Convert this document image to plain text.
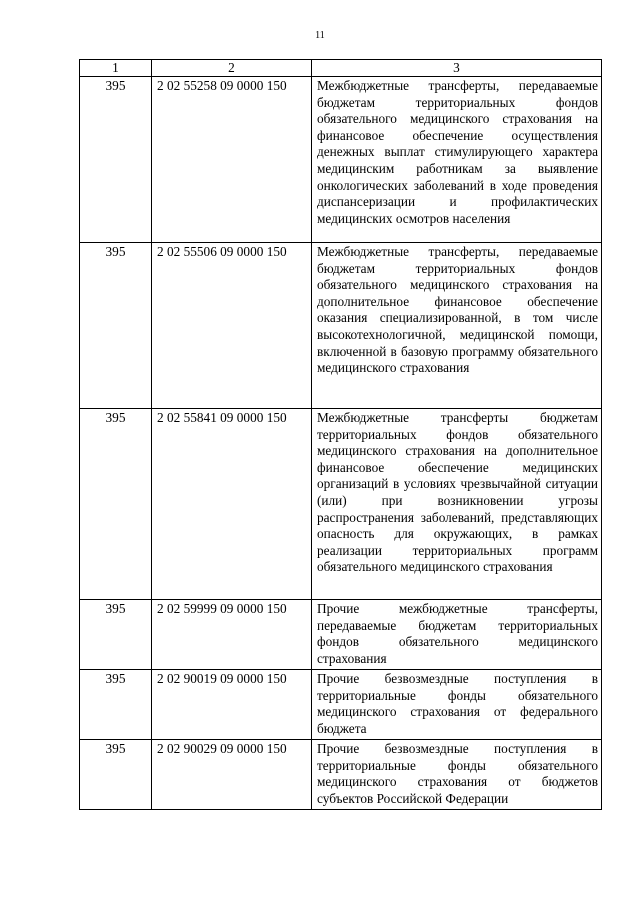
11
1	2	3
395	2 02 55258 09 0000 150	Межбюджетные трансферты, передаваемые бюджетам территориальных фондов обязательного медицинского страхования на финансовое обеспечение осуществления денежных выплат стимулирующего характера медицинским работникам за выявление онкологических заболеваний в ходе проведения диспансеризации и профилактических медицинских осмотров населения
395	2 02 55506 09 0000 150	Межбюджетные трансферты, передаваемые бюджетам территориальных фондов обязательного медицинского страхования на дополнительное финансовое обеспечение оказания специализированной, в том числе высокотехнологичной, медицинской помощи, включенной в базовую программу обязательного медицинского страхования
395	2 02 55841 09 0000 150	Межбюджетные трансферты бюджетам территориальных фондов обязательного медицинского страхования на дополнительное финансовое обеспечение медицинских организаций в условиях чрезвычайной ситуации (или) при возникновении угрозы распространения заболеваний, представляющих опасность для окружающих, в рамках реализации территориальных программ обязательного медицинского страхования
395	2 02 59999 09 0000 150	Прочие межбюджетные трансферты, передаваемые бюджетам территориальных фондов обязательного медицинского страхования
395	2 02 90019 09 0000 150	Прочие безвозмездные поступления в территориальные фонды обязательного медицинского страхования от федерального бюджета
395	2 02 90029 09 0000 150	Прочие безвозмездные поступления в территориальные фонды обязательного медицинского страхования от бюджетов субъектов Российской Федерации
